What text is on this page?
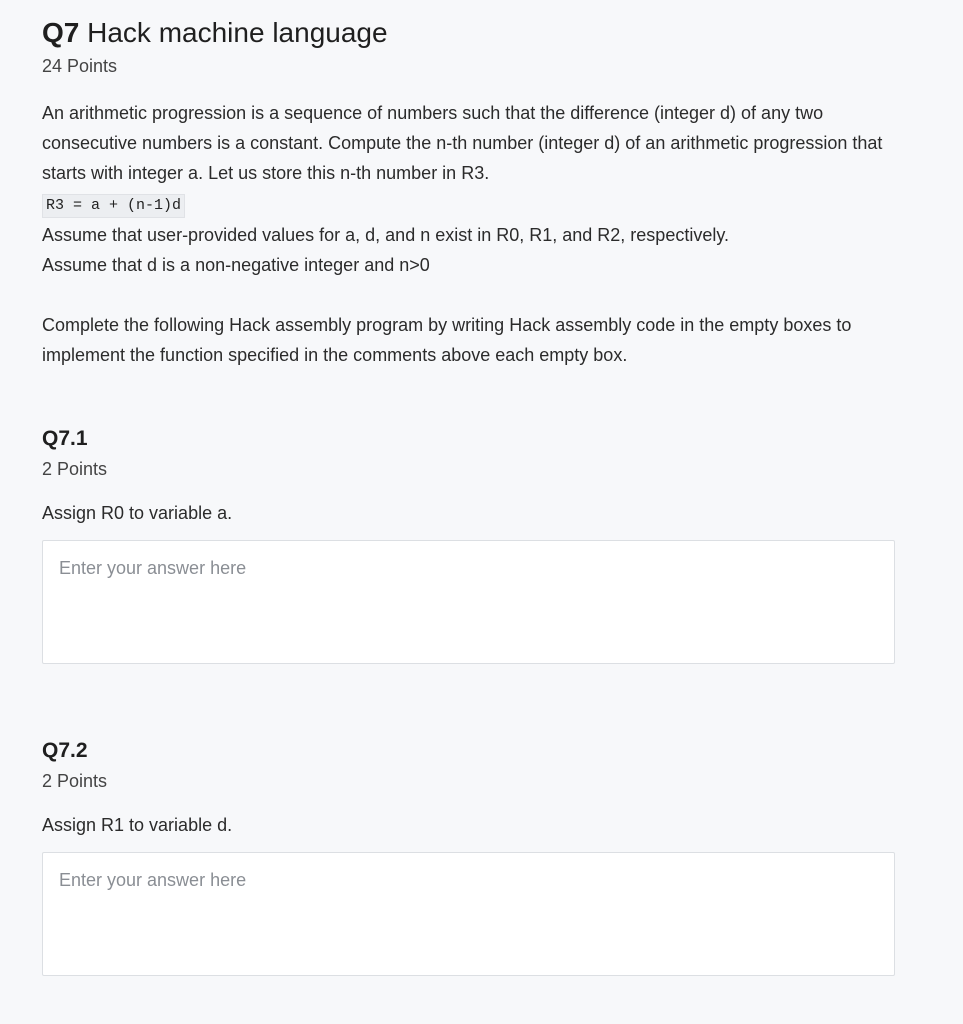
Q7 Hack machine language
24 Points

An arithmetic progression is a sequence of numbers such that the difference (integer d) of any two consecutive numbers is a constant. Compute the n-th number (integer d) of an arithmetic progression that starts with integer a. Let us store this n-th number in R3.

R3 = a + (n-1)d

Assume that user-provided values for a, d, and n exist in R0, R1, and R2, respectively.

Assume that d is a non-negative integer and n>0

Complete the following Hack assembly program by writing Hack assembly code in the empty boxes to implement the function specified in the comments above each empty box.

Q7.1
2 Points
Assign R0 to variable a.
Enter your answer here
Q7.2
2 Points
Assign R1 to variable d.
Enter your answer here
